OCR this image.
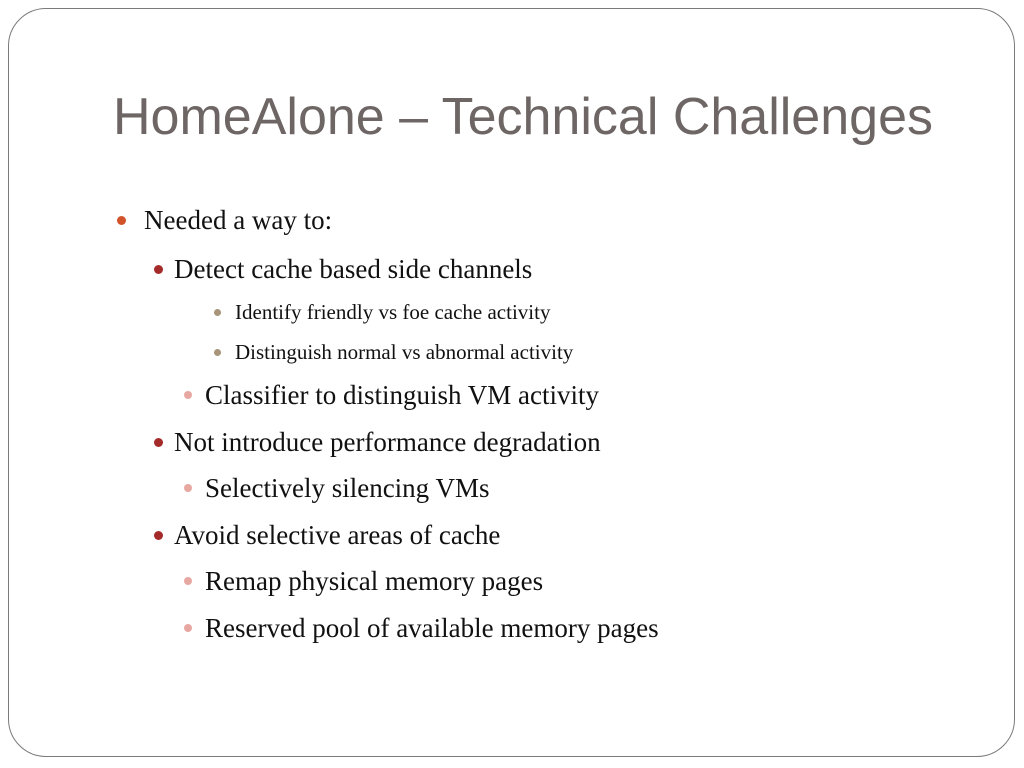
HomeAlone – Technical Challenges
Needed a way to:
Detect cache based side channels
Identify friendly vs foe cache activity
Distinguish normal vs abnormal activity
Classifier to distinguish VM activity
Not introduce performance degradation
Selectively silencing VMs
Avoid selective areas of cache
Remap physical memory pages
Reserved pool of available memory pages
